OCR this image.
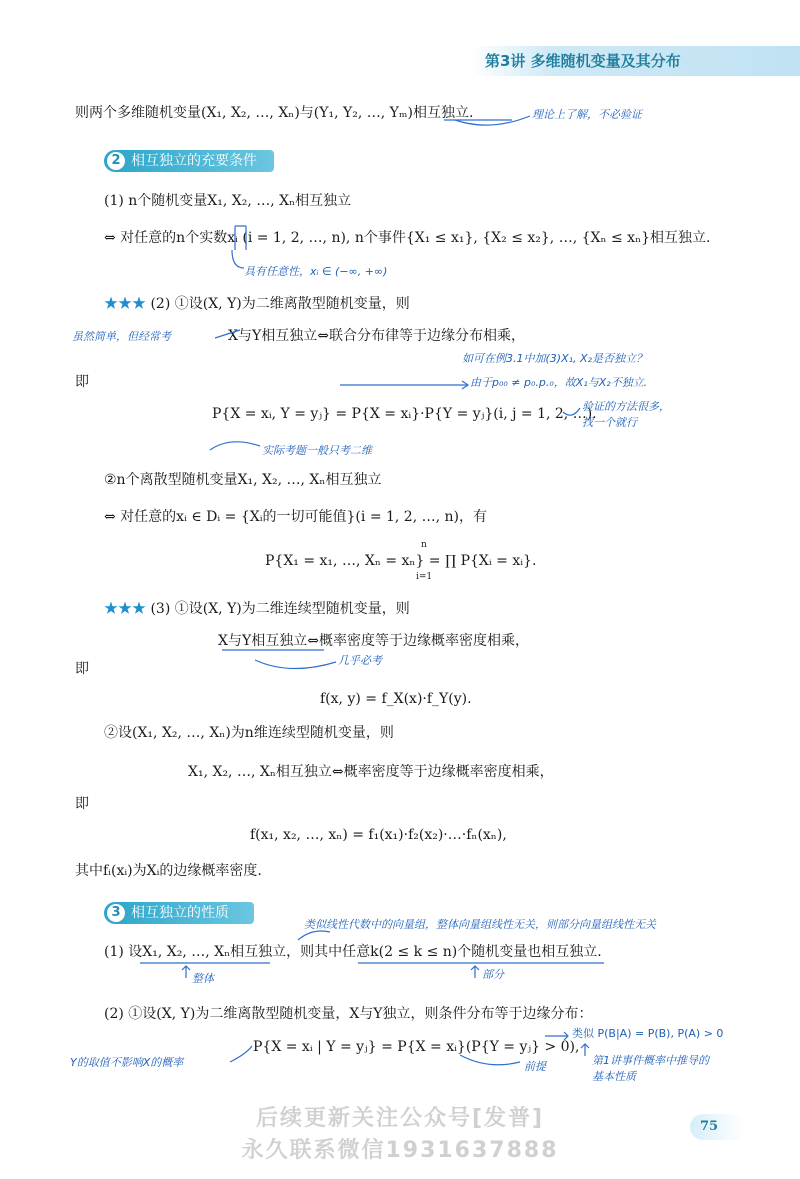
第3讲 多维随机变量及其分布
则两个多维随机变量(X₁, X₂, …, Xₙ)与(Y₁, Y₂, …, Yₘ)相互独立.
2 相互独立的充要条件
(1) n个随机变量X₁, X₂, …, Xₙ相互独立
⇔ 对任意的n个实数xᵢ (i = 1, 2, …, n), n个事件{X₁ ≤ x₁}, {X₂ ≤ x₂}, …, {Xₙ ≤ xₙ}相互独立.
★★★ (2) ①设(X, Y)为二维离散型随机变量，则
X与Y相互独立⇔联合分布律等于边缘分布相乘，
即
P{X = xᵢ, Y = yⱼ} = P{X = xᵢ}·P{Y = yⱼ}(i, j = 1, 2, …).
②n个离散型随机变量X₁, X₂, …, Xₙ相互独立
⇔ 对任意的xᵢ ∈ Dᵢ = {Xᵢ的一切可能值}(i = 1, 2, …, n)，有
P{X₁ = x₁, …, Xₙ = xₙ} = ∏ P{Xᵢ = xᵢ}.
n
i=1
★★★ (3) ①设(X, Y)为二维连续型随机变量，则
X与Y相互独立⇔概率密度等于边缘概率密度相乘，
即
f(x, y) = f_X(x)·f_Y(y).
②设(X₁, X₂, …, Xₙ)为n维连续型随机变量，则
X₁, X₂, …, Xₙ相互独立⇔概率密度等于边缘概率密度相乘，
即
f(x₁, x₂, …, xₙ) = f₁(x₁)·f₂(x₂)·…·fₙ(xₙ),
其中fᵢ(xᵢ)为Xᵢ的边缘概率密度.
3 相互独立的性质
(1) 设X₁, X₂, …, Xₙ相互独立，则其中任意k(2 ≤ k ≤ n)个随机变量也相互独立.
(2) ①设(X, Y)为二维离散型随机变量，X与Y独立，则条件分布等于边缘分布：
P{X = xᵢ | Y = yⱼ} = P{X = xᵢ}(P{Y = yⱼ} > 0),
理论上了解，不必验证
具有任意性，xᵢ ∈ (−∞, +∞)
虽然简单，但经常考
如可在例3.1中加(3)X₁, X₂是否独立？
由于p₀₀ ≠ p₀.p.₀，故X₁与X₂不独立.
验证的方法很多，
找一个就行
实际考题一般只考二维
几乎必考
类似线性代数中的向量组，整体向量组线性无关，则部分向量组线性无关
整体	部分
类似 P(B|A) = P(B), P(A) > 0
第1讲事件概率中推导的
基本性质
Y的取值不影响X的概率	前提
后续更新关注公众号[发普]
永久联系微信1931637888
75
